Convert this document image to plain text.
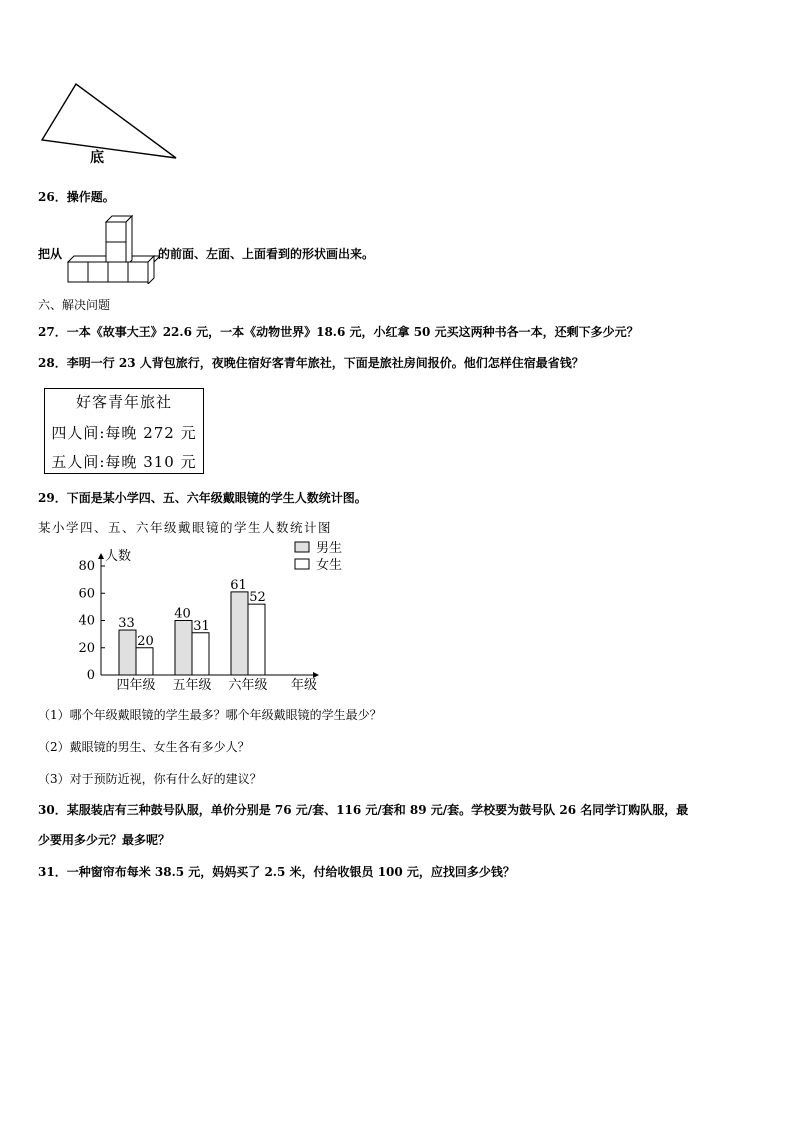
底
26．操作题。
把从	的前面、左面、上面看到的形状画出来。
六、解决问题
27．一本《故事大王》22.6 元，一本《动物世界》18.6 元，小红拿 50 元买这两种书各一本，还剩下多少元？
28．李明一行 23 人背包旅行，夜晚住宿好客青年旅社，下面是旅社房间报价。他们怎样住宿最省钱？
好客青年旅社
四人间:每晚 272 元
五人间:每晚 310 元
29．下面是某小学四、五、六年级戴眼镜的学生人数统计图。
某小学四、五、六年级戴眼镜的学生人数统计图
人数
0
20
40
60
80
33
20
四年级
40
31
五年级
61
52
六年级 年级
男生
女生
（1）哪个年级戴眼镜的学生最多？哪个年级戴眼镜的学生最少？
（2）戴眼镜的男生、女生各有多少人？
（3）对于预防近视，你有什么好的建议？
30．某服装店有三种鼓号队服，单价分别是 76 元/套、116 元/套和 89 元/套。学校要为鼓号队 26 名同学订购队服，最
少要用多少元？最多呢？
31．一种窗帘布每米 38.5 元，妈妈买了 2.5 米，付给收银员 100 元，应找回多少钱？
